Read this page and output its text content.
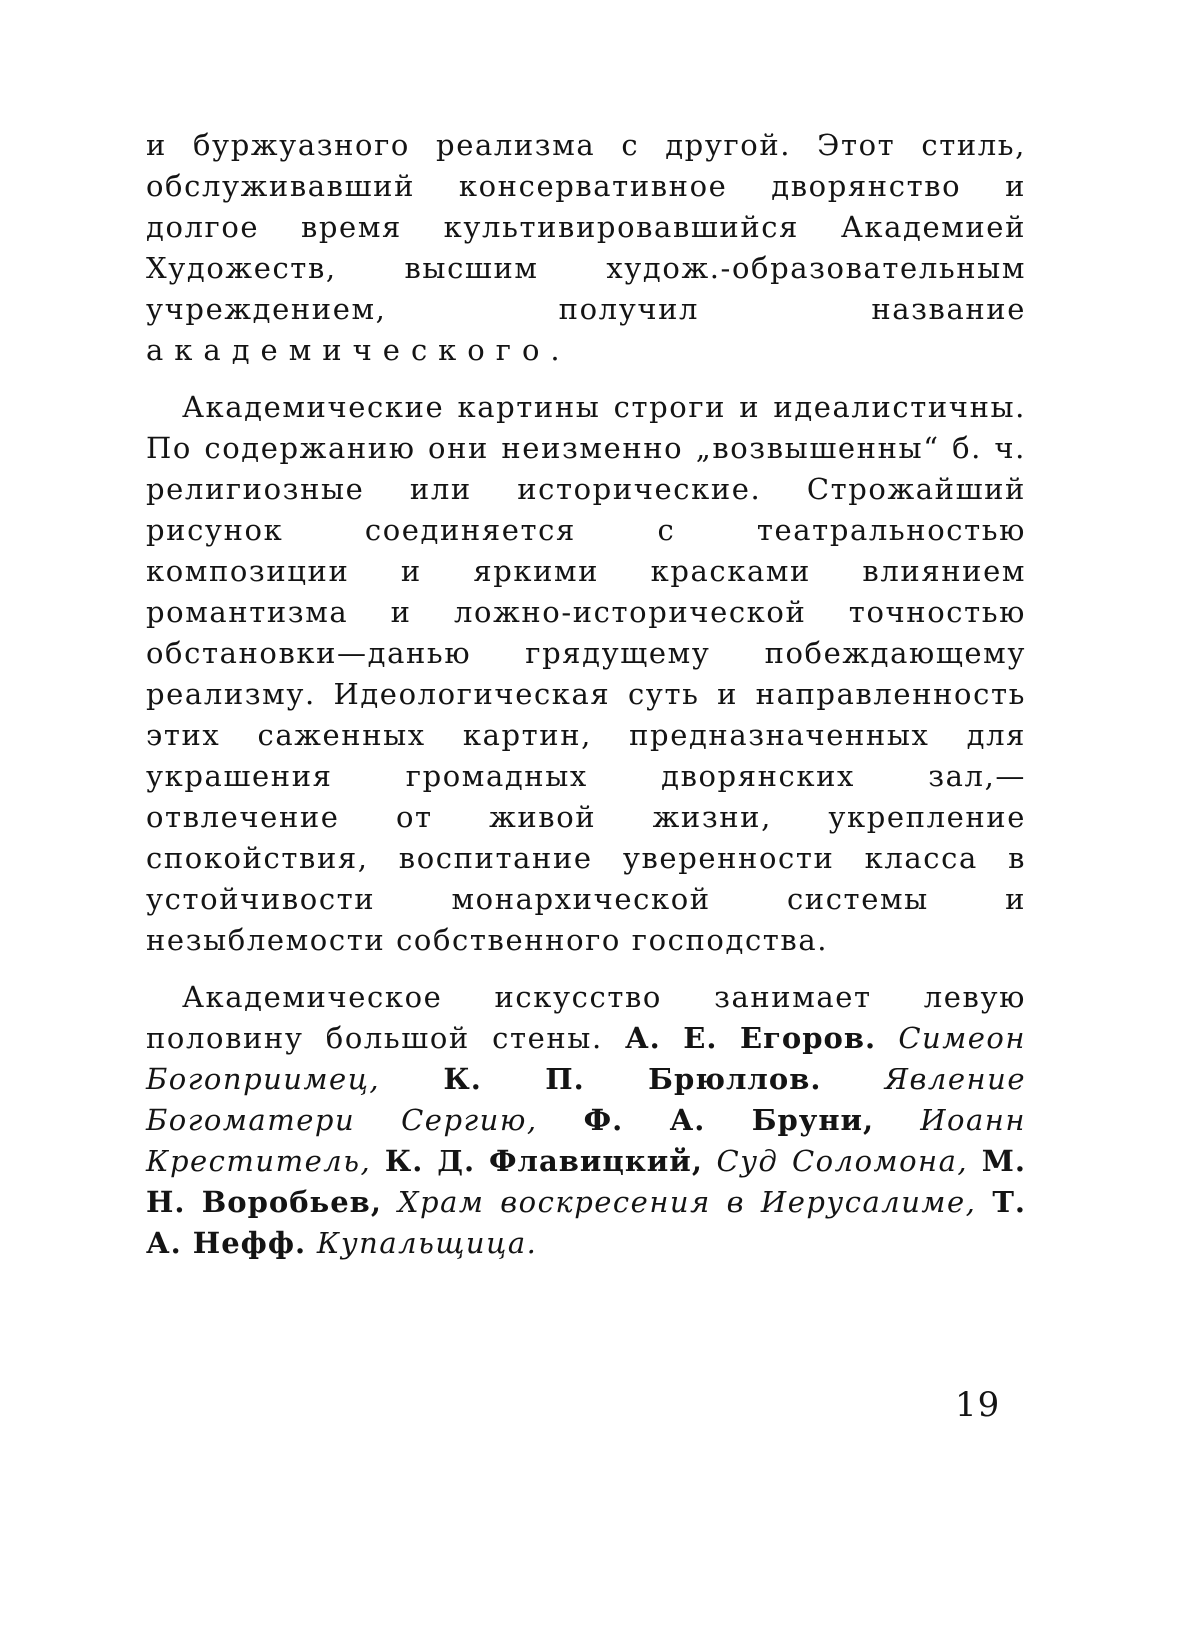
и буржуазного реализма с другой. Этот стиль, обслуживавший консервативное дворянство и долгое время культивировавшийся Академией Художеств, высшим худож.-образовательным учреждением, получил название академического.

Академические картины строги и идеалистичны. По содержанию они неизменно „возвышенны“ б. ч. религиозные или исторические. Строжайший рисунок соединяется с театральностью композиции и яркими красками влиянием романтизма и ложно-исторической точностью обстановки—данью грядущему побеждающему реализму. Идеологическая суть и направленность этих саженных картин, предназначенных для украшения громадных дворянских зал,—отвлечение от живой жизни, укрепление спокойствия, воспитание уверенности класса в устойчивости монархической системы и незыблемости собственного господства.

Академическое искусство занимает левую половину большой стены. А. Е. Егоров. Симеон Богоприимец, К. П. Брюллов. Явление Богоматери Сергию, Ф. А. Бруни, Иоанн Креститель, К. Д. Флавицкий, Суд Соломона, М. Н. Воробьев, Храм воскресения в Иерусалиме, Т. А. Нефф. Купальщица.

19
